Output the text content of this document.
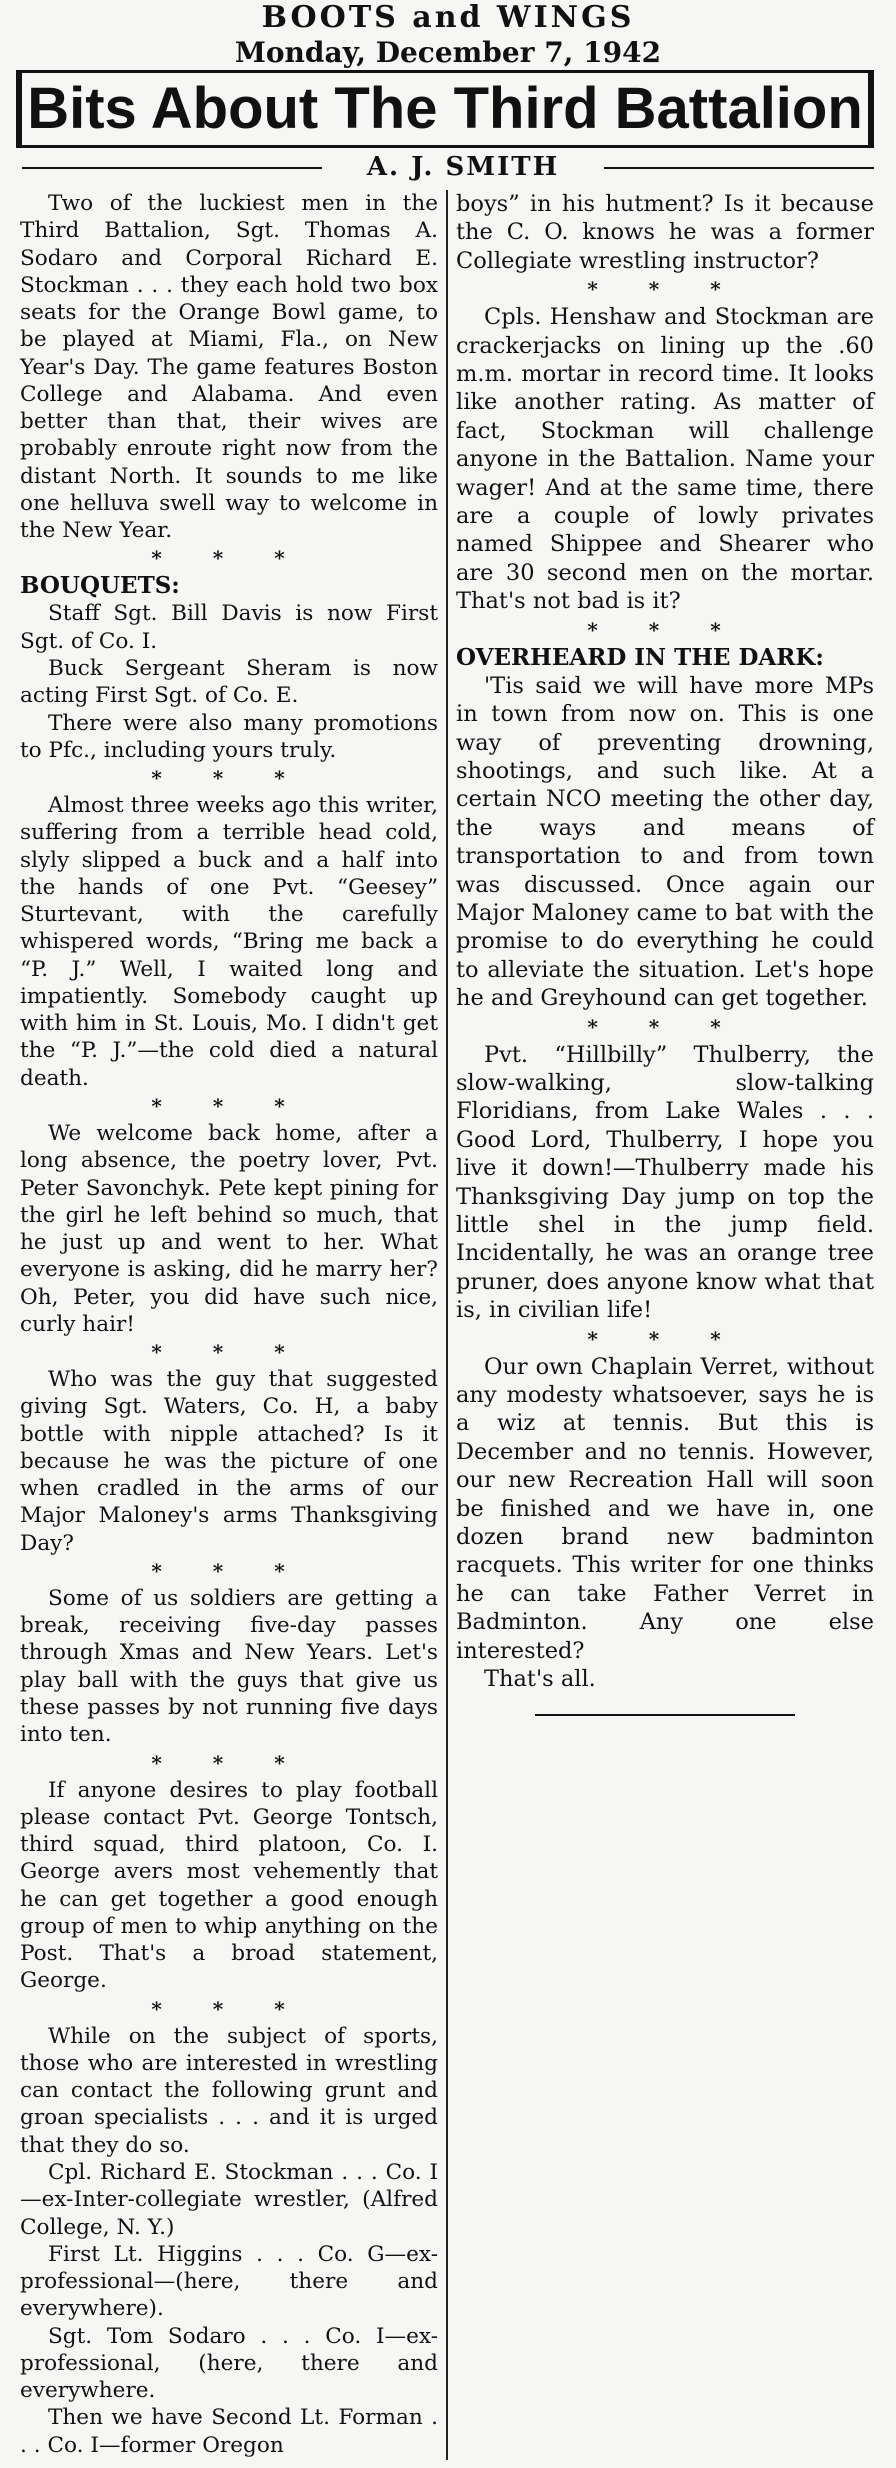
BOOTS and WINGS
Monday, December 7, 1942
Bits About The Third Battalion
A. J. SMITH

Two of the luckiest men in the Third Battalion, Sgt. Thomas A. Sodaro and Corporal Richard E. Stockman . . . they each hold two box seats for the Orange Bowl game, to be played at Miami, Fla., on New Year's Day. The game features Boston College and Alabama. And even better than that, their wives are probably enroute right now from the distant North. It sounds to me like one helluva swell way to welcome in the New Year.

* * *

BOUQUETS:

Staff Sgt. Bill Davis is now First Sgt. of Co. I.

Buck Sergeant Sheram is now acting First Sgt. of Co. E.

There were also many promotions to Pfc., including yours truly.

* * *

Almost three weeks ago this writer, suffering from a terrible head cold, slyly slipped a buck and a half into the hands of one Pvt. “Geesey” Sturtevant, with the carefully whispered words, “Bring me back a “P. J.” Well, I waited long and impatiently. Somebody caught up with him in St. Louis, Mo. I didn't get the “P. J.”—the cold died a natural death.

* * *

We welcome back home, after a long absence, the poetry lover, Pvt. Peter Savonchyk. Pete kept pining for the girl he left behind so much, that he just up and went to her. What everyone is asking, did he marry her? Oh, Peter, you did have such nice, curly hair!

* * *

Who was the guy that suggested giving Sgt. Waters, Co. H, a baby bottle with nipple attached? Is it because he was the picture of one when cradled in the arms of our Major Maloney's arms Thanksgiving Day?

* * *

Some of us soldiers are getting a break, receiving five-day passes through Xmas and New Years. Let's play ball with the guys that give us these passes by not running five days into ten.

* * *

If anyone desires to play football please contact Pvt. George Tontsch, third squad, third platoon, Co. I. George avers most vehemently that he can get together a good enough group of men to whip anything on the Post. That's a broad statement, George.

* * *

While on the subject of sports, those who are interested in wrestling can contact the following grunt and groan specialists . . . and it is urged that they do so.

Cpl. Richard E. Stockman . . . Co. I—ex-Inter-collegiate wrestler, (Alfred College, N. Y.)

First Lt. Higgins . . . Co. G—ex-professional—(here, there and everywhere).

Sgt. Tom Sodaro . . . Co. I—ex-professional, (here, there and everywhere.

Then we have Second Lt. Forman . . . Co. I—former Oregon

boys” in his hutment? Is it because the C. O. knows he was a former Collegiate wrestling instructor?

* * *

Cpls. Henshaw and Stockman are crackerjacks on lining up the .60 m.m. mortar in record time. It looks like another rating. As matter of fact, Stockman will challenge anyone in the Battalion. Name your wager! And at the same time, there are a couple of lowly privates named Shippee and Shearer who are 30 second men on the mortar. That's not bad is it?

* * *

OVERHEARD IN THE DARK:

'Tis said we will have more MPs in town from now on. This is one way of preventing drowning, shootings, and such like. At a certain NCO meeting the other day, the ways and means of transportation to and from town was discussed. Once again our Major Maloney came to bat with the promise to do everything he could to alleviate the situation. Let's hope he and Greyhound can get together.

* * *

Pvt. “Hillbilly” Thulberry, the slow-walking, slow-talking Floridians, from Lake Wales . . . Good Lord, Thulberry, I hope you live it down!—Thulberry made his Thanksgiving Day jump on top the little shel in the jump field. Incidentally, he was an orange tree pruner, does anyone know what that is, in civilian life!

* * *

Our own Chaplain Verret, without any modesty whatsoever, says he is a wiz at tennis. But this is December and no tennis. However, our new Recreation Hall will soon be finished and we have in, one dozen brand new badminton racquets. This writer for one thinks he can take Father Verret in Badminton. Any one else interested?

That's all.
